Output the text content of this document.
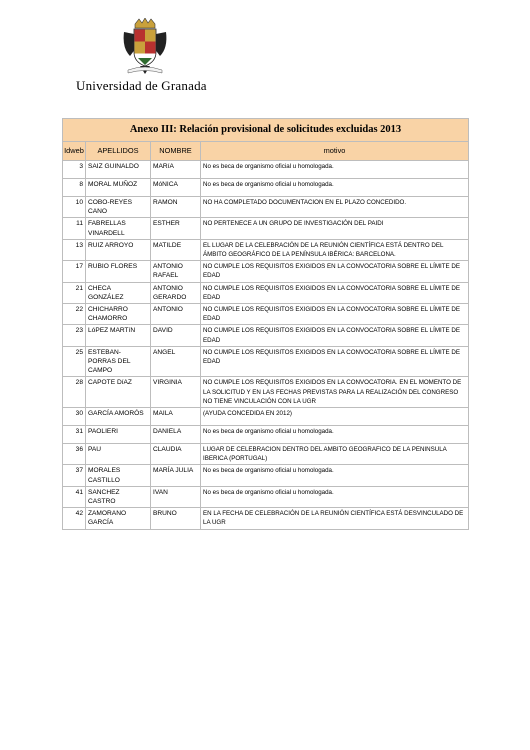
Universidad de Granada
Anexo III: Relación provisional de solicitudes excluidas 2013			
Idweb	APELLIDOS	NOMBRE	motivo
3	SAIZ GUINALDO	MARíA	No es beca de organismo oficial u homologada.
8	MORAL MUÑOZ	MóNICA	No es beca de organismo oficial u homologada.
10	COBO-REYES CANO	RAMON	NO HA COMPLETADO DOCUMENTACION EN EL PLAZO CONCEDIDO.
11	FABRELLAS VINARDELL	ESTHER	NO PERTENECE A UN GRUPO DE INVESTIGACIÓN DEL PAIDI
13	RUIZ ARROYO	MATILDE	EL LUGAR DE LA CELEBRACIÓN DE LA REUNIÓN CIENTÍFICA ESTÁ DENTRO DEL ÁMBITO GEOGRÁFICO DE LA PENÍNSULA IBÉRICA: BARCELONA.
17	RUBIO FLORES	ANTONIO RAFAEL	NO CUMPLE LOS REQUISITOS EXIGIDOS EN LA CONVOCATORIA SOBRE EL LÍMITE DE EDAD
21	CHECA GONZÁLEZ	ANTONIO GERARDO	NO CUMPLE LOS REQUISITOS EXIGIDOS EN LA CONVOCATORIA SOBRE EL LÍMITE DE EDAD
22	CHICHARRO CHAMORRO	ANTONIO	NO CUMPLE LOS REQUISITOS EXIGIDOS EN LA CONVOCATORIA SOBRE EL LÍMITE DE EDAD
23	LóPEZ MARTíN	DAVID	NO CUMPLE LOS REQUISITOS EXIGIDOS EN LA CONVOCATORIA SOBRE EL LÍMITE DE EDAD
25	ESTEBAN-PORRAS DEL CAMPO	ANGEL	NO CUMPLE LOS REQUISITOS EXIGIDOS EN LA CONVOCATORIA SOBRE EL LÍMITE DE EDAD
28	CAPOTE DíAZ	VIRGINIA	NO CUMPLE LOS REQUISITOS EXIGIDOS EN LA CONVOCATORIA. EN EL MOMENTO DE LA SOLICITUD Y EN LAS FECHAS PREVISTAS PARA LA REALIZACIÓN DEL CONGRESO NO TIENE VINCULACIÓN CON LA UGR
30	GARCÍA AMORÓS	MAILA	(AYUDA CONCEDIDA EN 2012)
31	PAOLIERI	DANIELA	No es beca de organismo oficial u homologada.
36	PAU	CLAUDIA	LUGAR DE CELEBRACION DENTRO DEL AMBITO GEOGRAFICO DE LA PENINSULA IBERICA (PORTUGAL)
37	MORALES CASTILLO	MARÍA JULIA	No es beca de organismo oficial u homologada.
41	SANCHEZ CASTRO	IVAN	No es beca de organismo oficial u homologada.
42	ZAMORANO GARCÍA	BRUNO	EN LA FECHA DE CELEBRACIÓN DE LA REUNIÓN CIENTÍFICA ESTÁ DESVINCULADO DE LA UGR
